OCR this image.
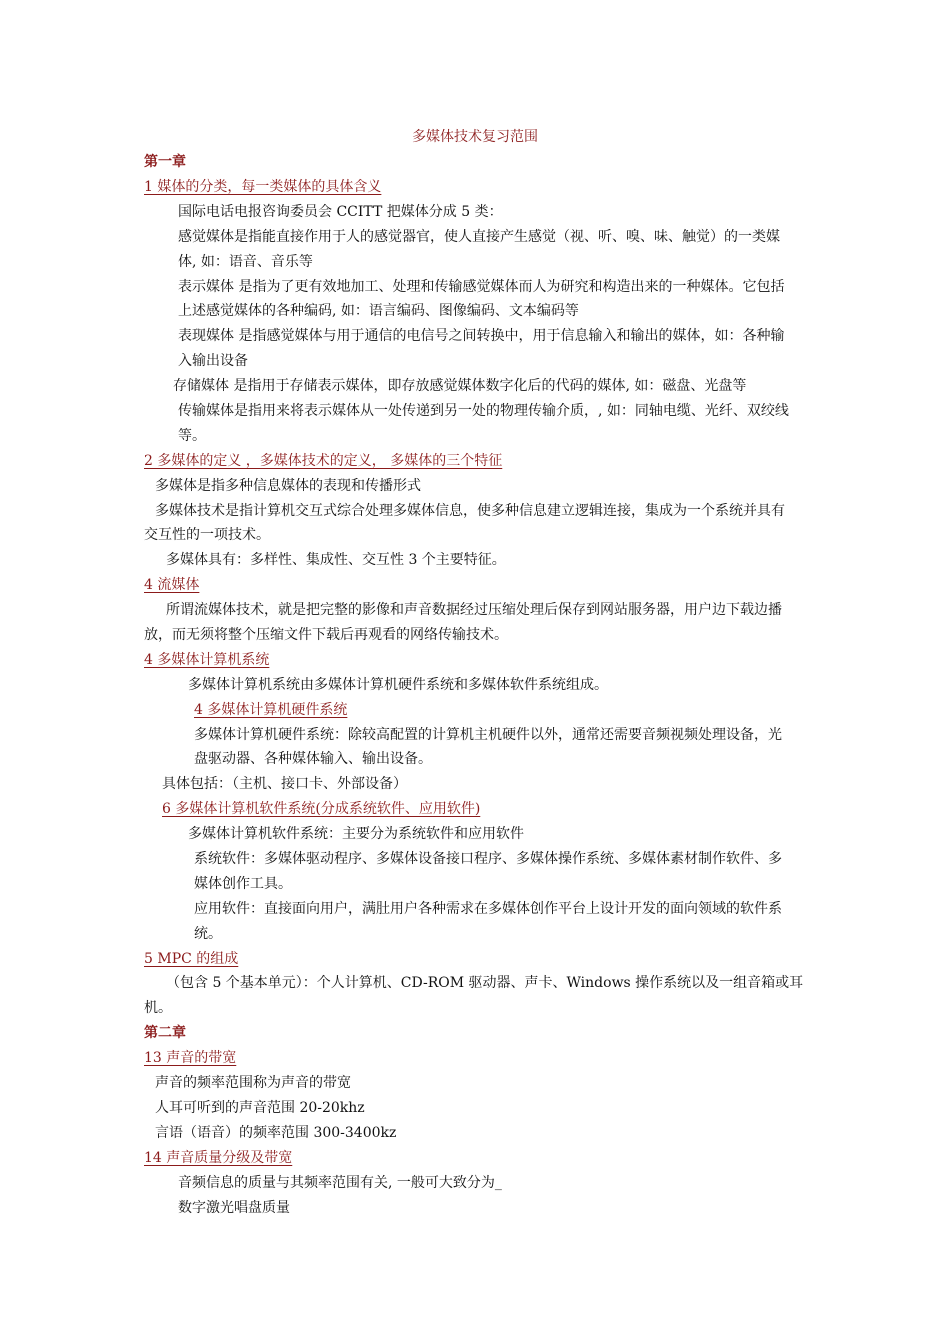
多媒体技术复习范围
第一章
1 媒体的分类，每一类媒体的具体含义
国际电话电报咨询委员会 CCITT 把媒体分成 5 类：
感觉媒体是指能直接作用于人的感觉器官，使人直接产生感觉（视、听、嗅、味、触觉）的一类媒
体, 如：语音、音乐等
表示媒体 是指为了更有效地加工、处理和传输感觉媒体而人为研究和构造出来的一种媒体。它包括
上述感觉媒体的各种编码, 如：语言编码、图像编码、文本编码等
表现媒体 是指感觉媒体与用于通信的电信号之间转换中，用于信息输入和输出的媒体，如：各种输
入输出设备
存储媒体 是指用于存储表示媒体，即存放感觉媒体数字化后的代码的媒体, 如：磁盘、光盘等
传输媒体是指用来将表示媒体从一处传递到另一处的物理传输介质，, 如：同轴电缆、光纤、双绞线
等。
2 多媒体的定义 ，多媒体技术的定义， 多媒体的三个特征
多媒体是指多种信息媒体的表现和传播形式
多媒体技术是指计算机交互式综合处理多媒体信息，使多种信息建立逻辑连接，集成为一个系统并具有
交互性的一项技术。
多媒体具有：多样性、集成性、交互性 3 个主要特征。
4 流媒体
所谓流媒体技术，就是把完整的影像和声音数据经过压缩处理后保存到网站服务器，用户边下载边播
放，而无须将整个压缩文件下载后再观看的网络传输技术。
4 多媒体计算机系统
多媒体计算机系统由多媒体计算机硬件系统和多媒体软件系统组成。
4 多媒体计算机硬件系统
多媒体计算机硬件系统：除较高配置的计算机主机硬件以外，通常还需要音频视频处理设备，光
盘驱动器、各种媒体输入、输出设备。
具体包括：（主机、接口卡、外部设备）
6 多媒体计算机软件系统(分成系统软件、应用软件)
多媒体计算机软件系统：主要分为系统软件和应用软件
系统软件：多媒体驱动程序、多媒体设备接口程序、多媒体操作系统、多媒体素材制作软件、多
媒体创作工具。
应用软件：直接面向用户，满肚用户各种需求在多媒体创作平台上设计开发的面向领域的软件系
统。
5 MPC 的组成
（包含 5 个基本单元）：个人计算机、CD-ROM 驱动器、声卡、Windows 操作系统以及一组音箱或耳
机。
第二章
13 声音的带宽
声音的频率范围称为声音的带宽
人耳可听到的声音范围 20-20khz
言语（语音）的频率范围 300-3400kz
14 声音质量分级及带宽
音频信息的质量与其频率范围有关, 一般可大致分为_
数字激光唱盘质量
